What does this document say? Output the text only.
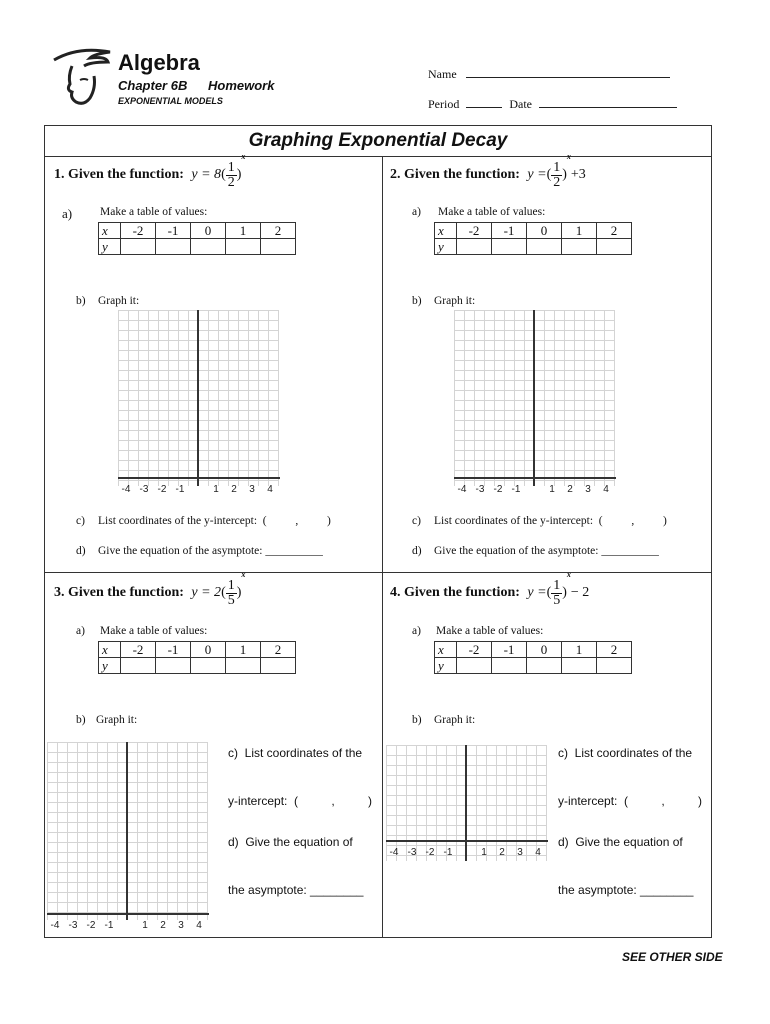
Algebra
Chapter 6B Homework
EXPONENTIAL MODELS
Name
Period	Date
Graphing Exponential Decay
1. Given the function: $y = 8( \frac{1}{2} )^x$
a) Make a table of values:
x	-2	-1	0	1	2
y					
b) Graph it:
-4 -3 -2 -1	1 2 3 4
c) List coordinates of the y-intercept:  (          ,          )
d) Give the equation of the asymptote: __________
2. Given the function: y =( $\frac{1}{2} )^x+3$
a) Make a table of values:
x	-2	-1	0	1	2
y					
b) Graph it:
-4 -3 -2 -1	1 2 3 4
c) List coordinates of the y-intercept:  (          ,          )
d) Give the equation of the asymptote: __________
3. Given the function: $y = 2( \frac{1}{5} )^x$
a) Make a table of values:
x	-2	-1	0	1	2
y					
b) Graph it:

c)  List coordinates of the

y-intercept:  (          ,          )

d)  Give the equation of

the asymptote: ________

-4 -3 -2 -1	1 2 3 4
4. Given the function: y =( $\frac{1}{5} )^x- 2$
a) Make a table of values:
x	-2	-1	0	1	2
y					
b) Graph it:

c)  List coordinates of the

y-intercept:  (          ,          )

d)  Give the equation of

the asymptote: ________

-4 -3 -2 -1	1 2 3 4
SEE OTHER SIDE
